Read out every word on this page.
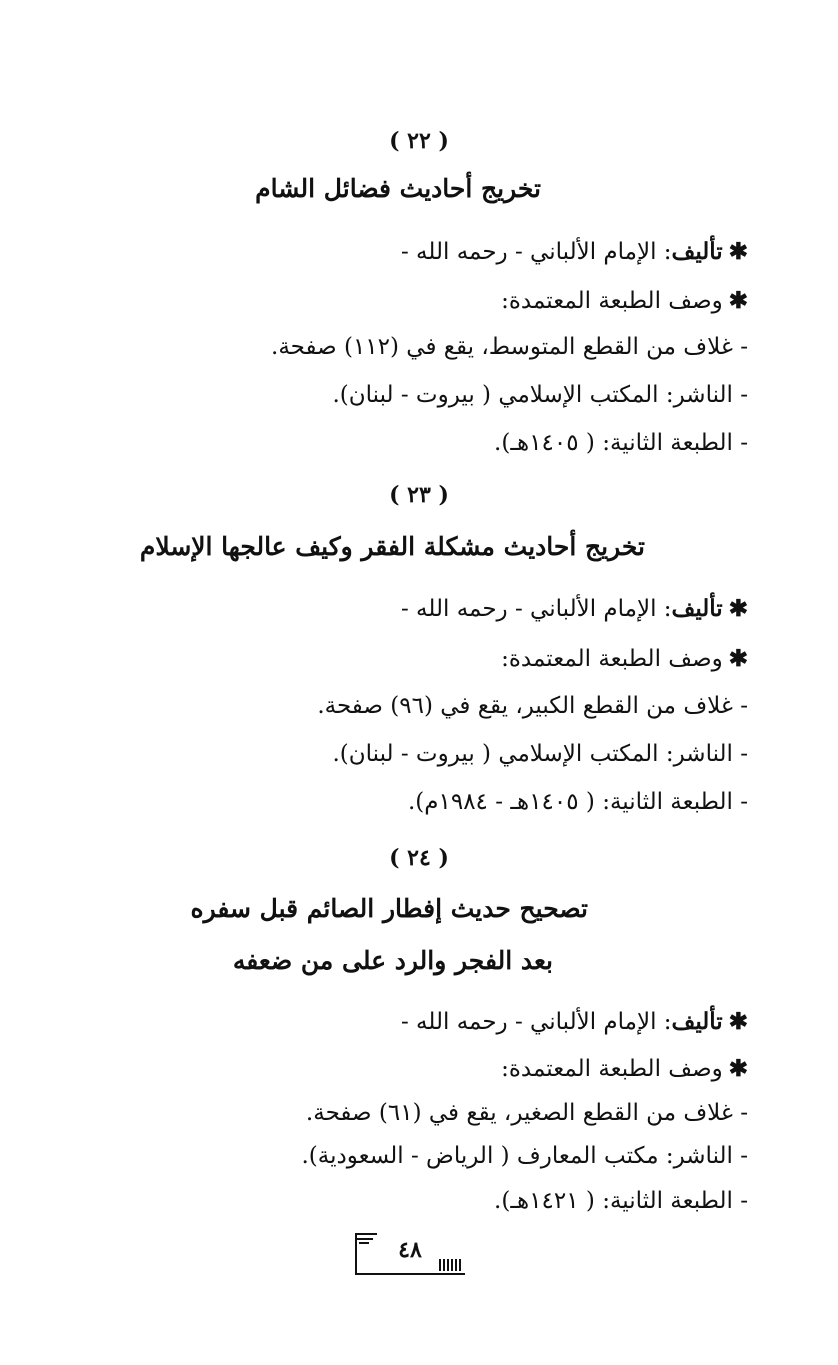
( ٢٢ )
تخريج أحاديث فضائل الشام
✱تأليف: الإمام الألباني - رحمه الله -
✱وصف الطبعة المعتمدة:
- غلاف من القطع المتوسط، يقع في (١١٢) صفحة.
- الناشر: المكتب الإسلامي ( بيروت - لبنان).
- الطبعة الثانية: ( ١٤٠٥هـ).
( ٢٣ )
تخريج أحاديث مشكلة الفقر وكيف عالجها الإسلام
✱تأليف: الإمام الألباني - رحمه الله -
✱وصف الطبعة المعتمدة:
- غلاف من القطع الكبير، يقع في (٩٦) صفحة.
- الناشر: المكتب الإسلامي ( بيروت - لبنان).
- الطبعة الثانية: ( ١٤٠٥هـ - ١٩٨٤م).
( ٢٤ )
تصحيح حديث إفطار الصائم قبل سفره
بعد الفجر والرد على من ضعفه
✱تأليف: الإمام الألباني - رحمه الله -
✱وصف الطبعة المعتمدة:
- غلاف من القطع الصغير، يقع في (٦١) صفحة.
- الناشر: مكتب المعارف ( الرياض - السعودية).
- الطبعة الثانية: ( ١٤٢١هـ).
٤٨
